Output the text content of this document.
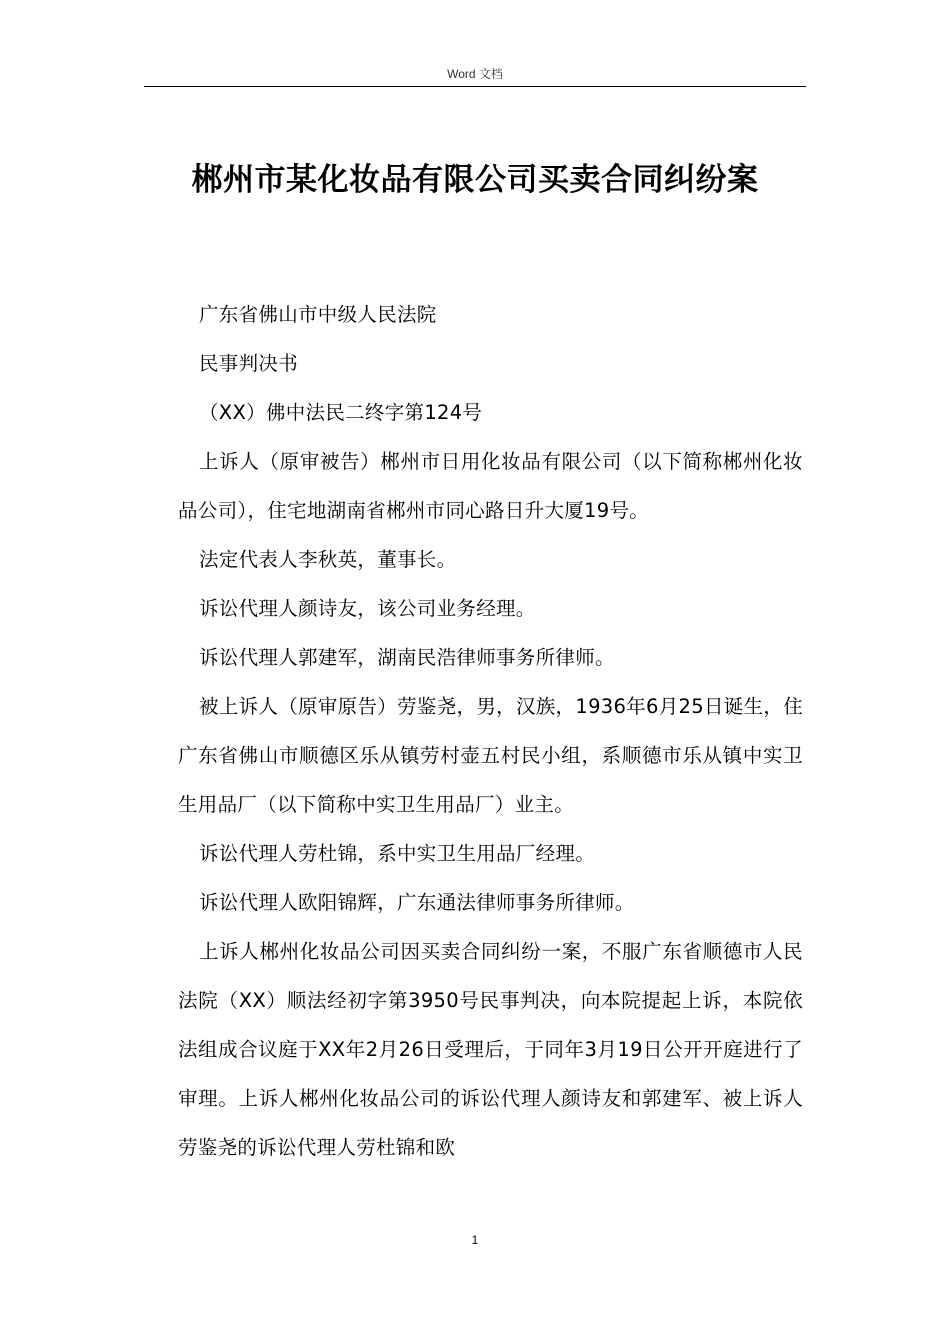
Word 文档
郴州市某化妆品有限公司买卖合同纠纷案

广东省佛山市中级人民法院

民事判决书

（XX）佛中法民二终字第124号

上诉人（原审被告）郴州市日用化妆品有限公司（以下简称郴州化妆品公司），住宅地湖南省郴州市同心路日升大厦19号。

法定代表人李秋英，董事长。

诉讼代理人颜诗友，该公司业务经理。

诉讼代理人郭建军，湖南民浩律师事务所律师。

被上诉人（原审原告）劳鉴尧，男，汉族，1936年6月25日诞生，住广东省佛山市顺德区乐从镇劳村壶五村民小组，系顺德市乐从镇中实卫生用品厂（以下简称中实卫生用品厂）业主。

诉讼代理人劳杜锦，系中实卫生用品厂经理。

诉讼代理人欧阳锦辉，广东通法律师事务所律师。

上诉人郴州化妆品公司因买卖合同纠纷一案，不服广东省顺德市人民法院（XX）顺法经初字第3950号民事判决，向本院提起上诉，本院依法组成合议庭于XX年2月26日受理后，于同年3月19日公开开庭进行了审理。上诉人郴州化妆品公司的诉讼代理人颜诗友和郭建军、被上诉人劳鉴尧的诉讼代理人劳杜锦和欧

1
